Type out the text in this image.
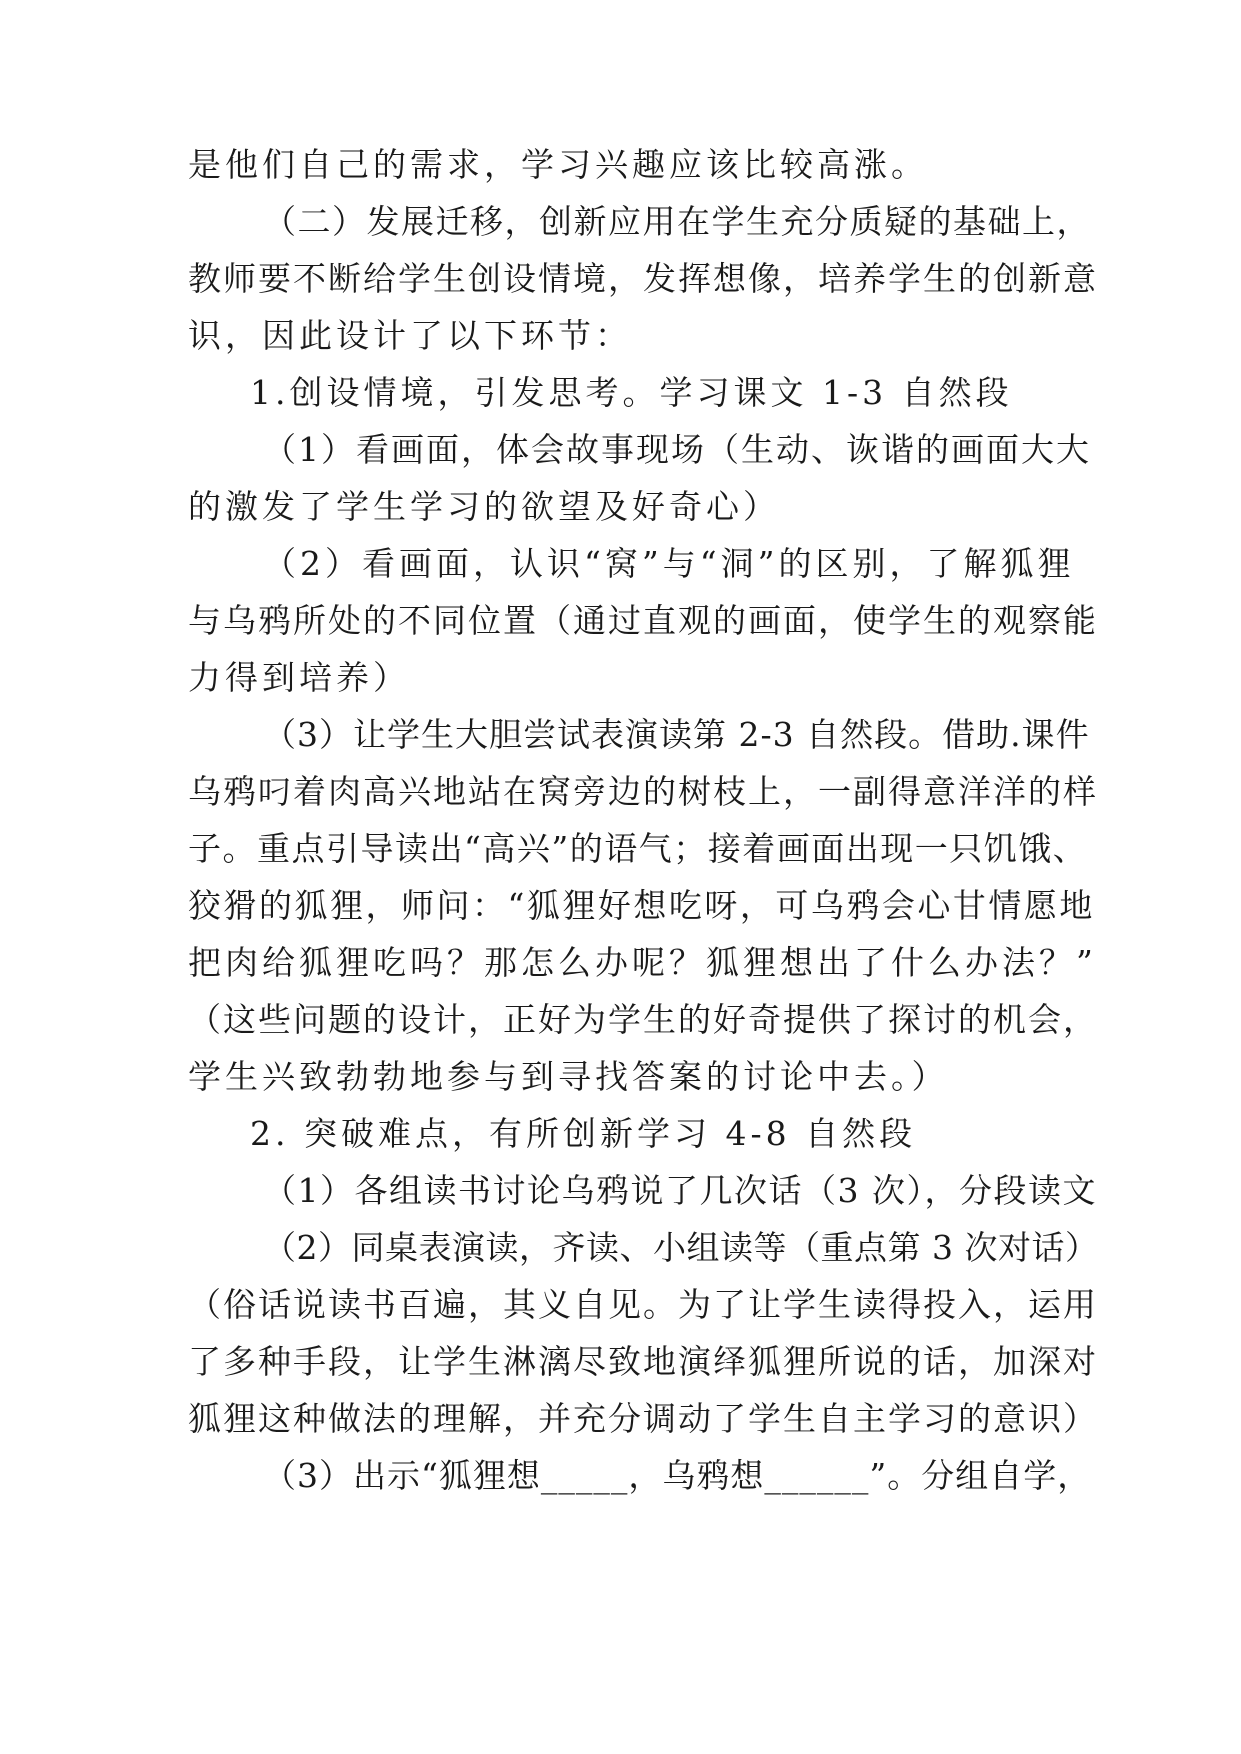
是他们自己的需求，学习兴趣应该比较高涨。
（二）发展迁移，创新应用在学生充分质疑的基础上，
教师要不断给学生创设情境，发挥想像，培养学生的创新意
识，因此设计了以下环节：
1.创设情境，引发思考。学习课文 1-3 自然段
（1）看画面，体会故事现场（生动、诙谐的画面大大
的激发了学生学习的欲望及好奇心）
（2）看画面，认识“窝”与“洞”的区别，了解狐狸
与乌鸦所处的不同位置（通过直观的画面，使学生的观察能
力得到培养）
（3）让学生大胆尝试表演读第 2-3 自然段。借助.课件
乌鸦叼着肉高兴地站在窝旁边的树枝上，一副得意洋洋的样
子。重点引导读出“高兴”的语气；接着画面出现一只饥饿、
狡猾的狐狸，师问：“狐狸好想吃呀，可乌鸦会心甘情愿地
把肉给狐狸吃吗？那怎么办呢？狐狸想出了什么办法？”
（这些问题的设计，正好为学生的好奇提供了探讨的机会，
学生兴致勃勃地参与到寻找答案的讨论中去。）
2. 突破难点，有所创新学习 4-8 自然段
（1）各组读书讨论乌鸦说了几次话（3 次），分段读文
（2）同桌表演读，齐读、小组读等（重点第 3 次对话）
（俗话说读书百遍，其义自见。为了让学生读得投入，运用
了多种手段，让学生淋漓尽致地演绎狐狸所说的话，加深对
狐狸这种做法的理解，并充分调动了学生自主学习的意识）
（3）出示“狐狸想_____，乌鸦想______”。分组自学，
